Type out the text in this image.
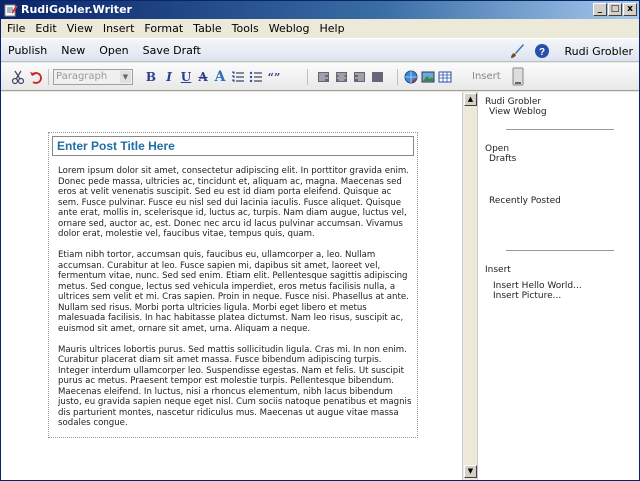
RudiGobler.Writer	_ □ x
File Edit View Insert Format Table Tools Weblog Help
Publish	New	Open	Save Draft	? Rudi Grobler
Paragraph	▼ B I U A A	“”	Insert
Enter Post Title Here

Lorem ipsum dolor sit amet, consectetur adipiscing elit. In porttitor gravida enim. Donec pede massa, ultricies ac, tincidunt et, aliquam ac, magna. Maecenas sed eros at velit venenatis suscipit. Sed eu est id diam porta eleifend. Quisque ac sem. Fusce pulvinar. Fusce eu nisl sed dui lacinia iaculis. Fusce aliquet. Quisque ante erat, mollis in, scelerisque id, luctus ac, turpis. Nam diam augue, luctus vel, ornare sed, auctor ac, est. Donec nec arcu id lacus pulvinar accumsan. Vivamus dolor erat, molestie vel, faucibus vitae, tempus quis, quam.

Etiam nibh tortor, accumsan quis, faucibus eu, ullamcorper a, leo. Nullam accumsan. Curabitur at leo. Fusce sapien mi, dapibus sit amet, laoreet vel, fermentum vitae, nunc. Sed sed enim. Etiam elit. Pellentesque sagittis adipiscing metus. Sed congue, lectus sed vehicula imperdiet, eros metus facilisis nulla, a ultrices sem velit et mi. Cras sapien. Proin in neque. Fusce nisi. Phasellus at ante. Nullam sed risus. Morbi porta ultricies ligula. Morbi eget libero et metus malesuada facilisis. In hac habitasse platea dictumst. Nam leo risus, suscipit ac, euismod sit amet, ornare sit amet, urna. Aliquam a neque.

Mauris ultrices lobortis purus. Sed mattis sollicitudin ligula. Cras mi. In non enim. Curabitur placerat diam sit amet massa. Fusce bibendum adipiscing turpis. Integer interdum ullamcorper leo. Suspendisse egestas. Nam et felis. Ut suscipit purus ac metus. Praesent tempor est molestie turpis. Pellentesque bibendum. Maecenas eleifend. In luctus, nisi a rhoncus elementum, nibh lacus bibendum justo, eu gravida sapien neque eget nisl. Cum sociis natoque penatibus et magnis dis parturient montes, nascetur ridiculus mus. Maecenas ut augue vitae massa sodales congue.

▲
▼
Rudi Grobler
View Weblog
Open
Drafts
Recently Posted
Insert
Insert Hello World...
Insert Picture...
